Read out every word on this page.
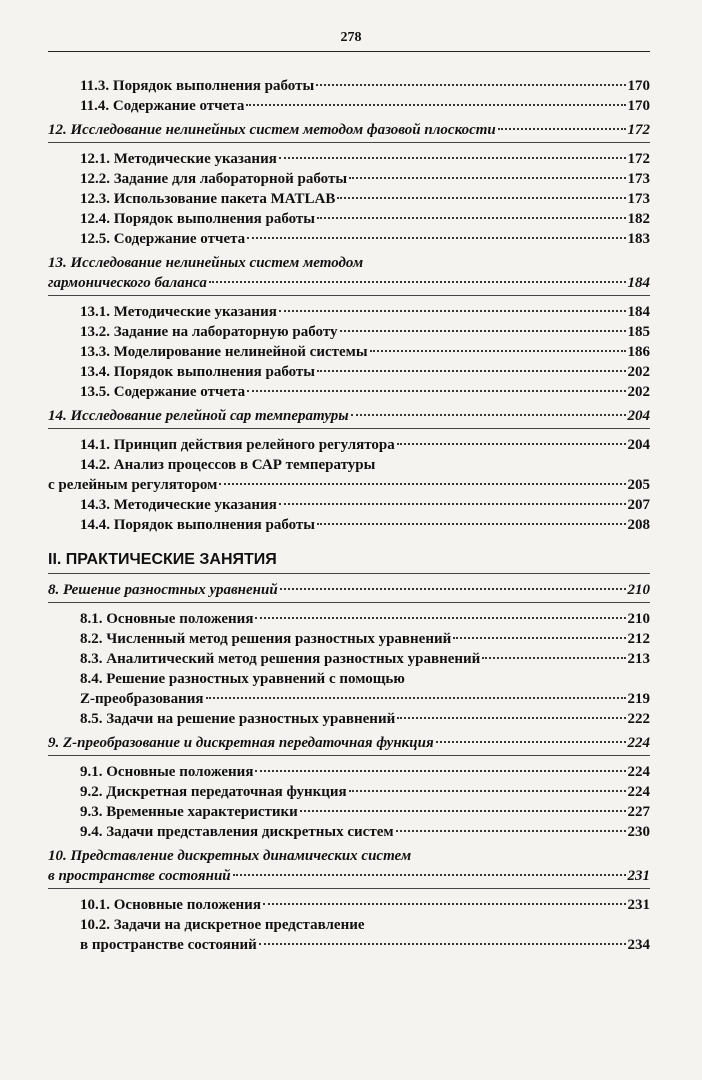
278
11.3. Порядок выполнения работы	170
11.4. Содержание отчета	170
12. Исследование нелинейных систем методом фазовой плоскости	172
12.1. Методические указания	172
12.2. Задание для лабораторной работы	173
12.3. Использование пакета MATLAB	173
12.4. Порядок выполнения работы	182
12.5. Содержание отчета	183
13. Исследование нелинейных систем методом
гармонического баланса	184
13.1. Методические указания	184
13.2. Задание на лабораторную работу	185
13.3. Моделирование нелинейной системы	186
13.4. Порядок выполнения работы	202
13.5. Содержание отчета	202
14. Исследование релейной сар температуры	204
14.1. Принцип действия релейного регулятора	204
14.2. Анализ процессов в САР температуры
с релейным регулятором	205
14.3. Методические указания	207
14.4. Порядок выполнения работы	208
II. ПРАКТИЧЕСКИЕ ЗАНЯТИЯ
8. Решение разностных уравнений	210
8.1. Основные положения	210
8.2. Численный метод решения разностных уравнений	212
8.3. Аналитический метод решения разностных уравнений	213
8.4. Решение разностных уравнений с помощью
Z-преобразования	219
8.5. Задачи на решение разностных уравнений	222
9. Z-преобразование и дискретная передаточная функция	224
9.1. Основные положения	224
9.2. Дискретная передаточная функция	224
9.3. Временные характеристики	227
9.4. Задачи представления дискретных систем	230
10. Представление дискретных динамических систем
в пространстве состояний	231
10.1. Основные положения	231
10.2. Задачи на дискретное представление
в пространстве состояний	234
